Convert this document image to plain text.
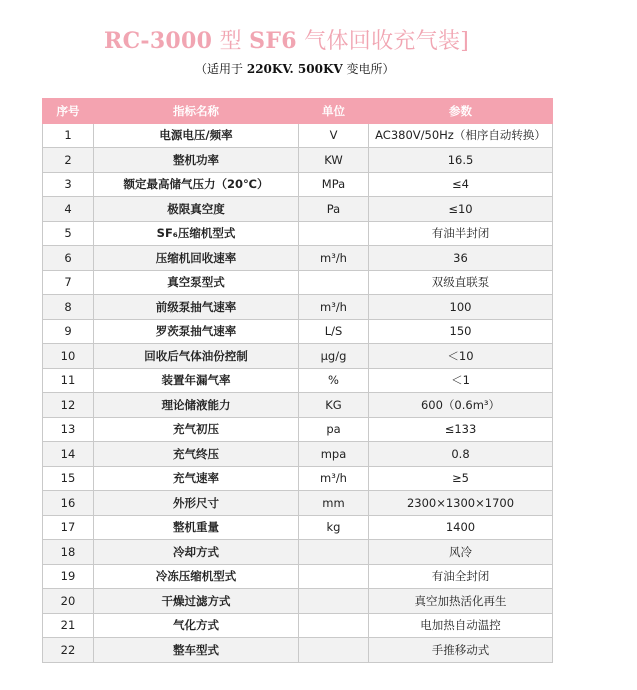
RC-3000 型 SF6 气体回收充气装]
（适用于 220KV. 500KV 变电所）
序号	指标名称	单位	参数
1	电源电压/频率	V	AC380V/50Hz（相序自动转换）
2	整机功率	KW	16.5
3	额定最高储气压力（20℃）	MPa	≤4
4	极限真空度	Pa	≤10
5	SF₆压缩机型式		有油半封闭
6	压缩机回收速率	m³/h	36
7	真空泵型式		双级直联泵
8	前级泵抽气速率	m³/h	100
9	罗茨泵抽气速率	L/S	150
10	回收后气体油份控制	μg/g	＜10
11	装置年漏气率	%	＜1
12	理论储液能力	KG	600（0.6m³）
13	充气初压	pa	≤133
14	充气终压	mpa	0.8
15	充气速率	m³/h	≥5
16	外形尺寸	mm	2300×1300×1700
17	整机重量	kg	1400
18	冷却方式		风冷
19	冷冻压缩机型式		有油全封闭
20	干燥过滤方式		真空加热活化再生
21	气化方式		电加热自动温控
22	整车型式		手推移动式
